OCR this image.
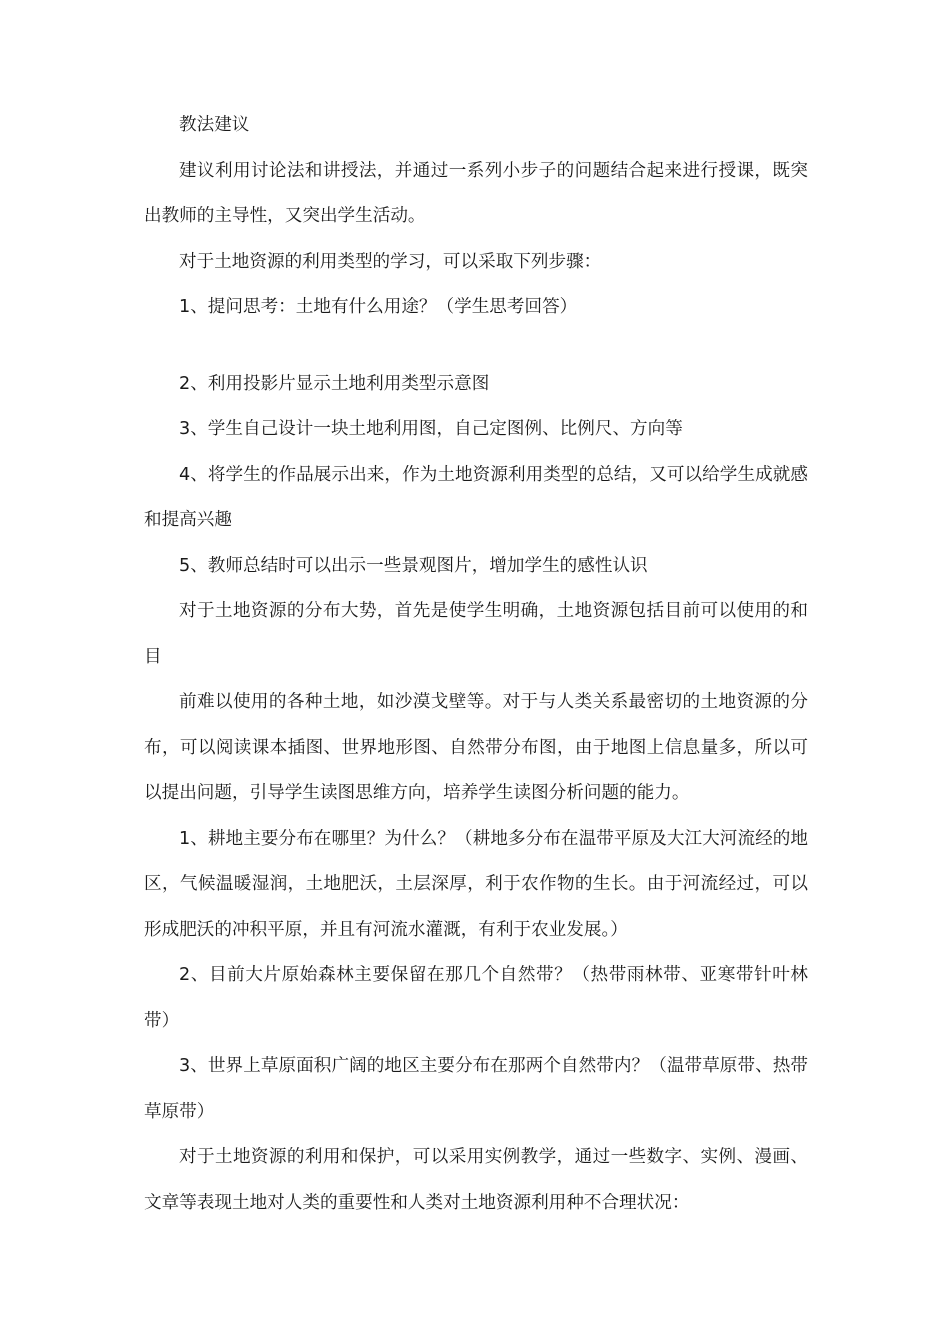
教法建议

建议利用讨论法和讲授法，并通过一系列小步子的问题结合起来进行授课，既突出教师的主导性，又突出学生活动。

对于土地资源的利用类型的学习，可以采取下列步骤：

1、提问思考：土地有什么用途？（学生思考回答）

2、利用投影片显示土地利用类型示意图

3、学生自己设计一块土地利用图，自己定图例、比例尺、方向等

4、将学生的作品展示出来，作为土地资源利用类型的总结，又可以给学生成就感和提高兴趣

5、教师总结时可以出示一些景观图片，增加学生的感性认识

对于土地资源的分布大势，首先是使学生明确，土地资源包括目前可以使用的和目

前难以使用的各种土地，如沙漠戈壁等。对于与人类关系最密切的土地资源的分布，可以阅读课本插图、世界地形图、自然带分布图，由于地图上信息量多，所以可以提出问题，引导学生读图思维方向，培养学生读图分析问题的能力。

1、耕地主要分布在哪里？为什么？（耕地多分布在温带平原及大江大河流经的地区，气候温暖湿润，土地肥沃，土层深厚，利于农作物的生长。由于河流经过，可以形成肥沃的冲积平原，并且有河流水灌溉，有利于农业发展。）

2、目前大片原始森林主要保留在那几个自然带？（热带雨林带、亚寒带针叶林带）

3、世界上草原面积广阔的地区主要分布在那两个自然带内？（温带草原带、热带草原带）

对于土地资源的利用和保护，可以采用实例教学，通过一些数字、实例、漫画、文章等表现土地对人类的重要性和人类对土地资源利用种不合理状况：
